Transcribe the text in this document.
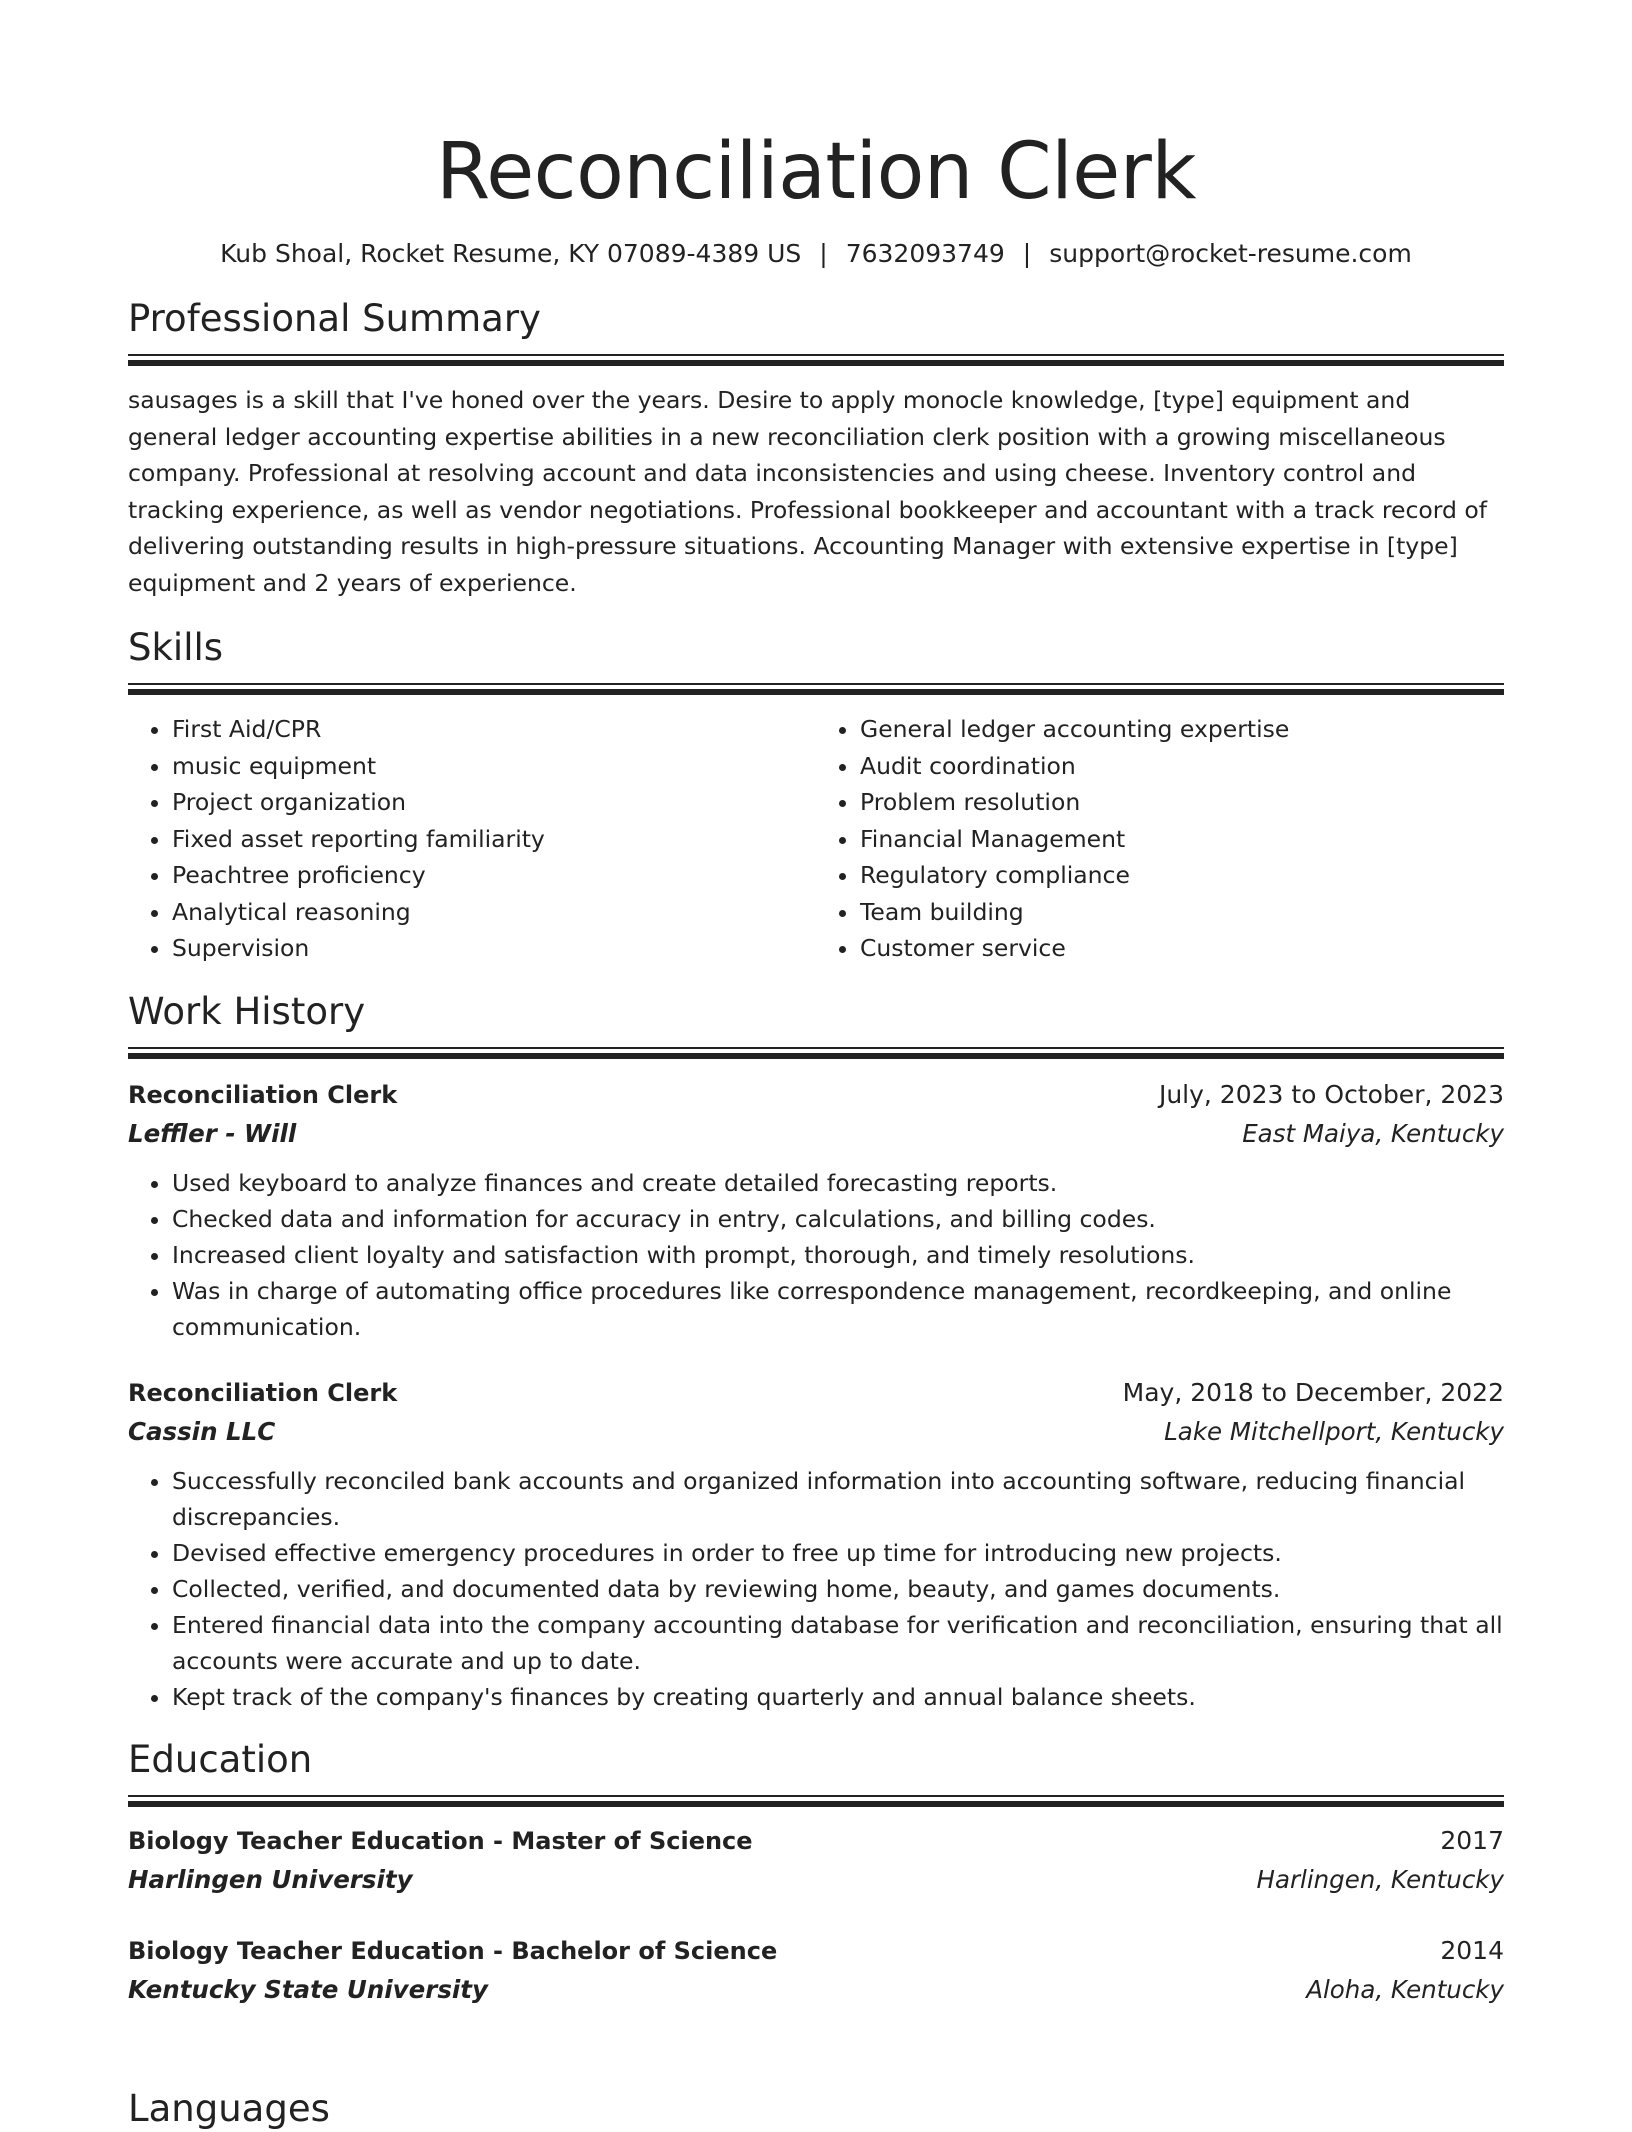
Reconciliation Clerk
Kub Shoal, Rocket Resume, KY 07089-4389 US | 7632093749 | support@rocket-resume.com
Professional Summary

sausages is a skill that I've honed over the years. Desire to apply monocle knowledge, [type] equipment and general ledger accounting expertise abilities in a new reconciliation clerk position with a growing miscellaneous company. Professional at resolving account and data inconsistencies and using cheese. Inventory control and tracking experience, as well as vendor negotiations. Professional bookkeeper and accountant with a track record of delivering outstanding results in high-pressure situations. Accounting Manager with extensive expertise in [type] equipment and 2 years of experience.

Skills
• First Aid/CPR
• music equipment
• Project organization
• Fixed asset reporting familiarity
• Peachtree proficiency
• Analytical reasoning
• Supervision
• General ledger accounting expertise
• Audit coordination
• Problem resolution
• Financial Management
• Regulatory compliance
• Team building
• Customer service
Work History
Reconciliation Clerk	July, 2023 to October, 2023
Leffler - Will	East Maiya, Kentucky
• Used keyboard to analyze finances and create detailed forecasting reports.
• Checked data and information for accuracy in entry, calculations, and billing codes.
• Increased client loyalty and satisfaction with prompt, thorough, and timely resolutions.
• Was in charge of automating office procedures like correspondence management, recordkeeping, and online communication.
Reconciliation Clerk	May, 2018 to December, 2022
Cassin LLC	Lake Mitchellport, Kentucky
• Successfully reconciled bank accounts and organized information into accounting software, reducing financial discrepancies.
• Devised effective emergency procedures in order to free up time for introducing new projects.
• Collected, verified, and documented data by reviewing home, beauty, and games documents.
• Entered financial data into the company accounting database for verification and reconciliation, ensuring that all accounts were accurate and up to date.
• Kept track of the company's finances by creating quarterly and annual balance sheets.
Education
Biology Teacher Education - Master of Science	2017
Harlingen University	Harlingen, Kentucky
Biology Teacher Education - Bachelor of Science	2014
Kentucky State University	Aloha, Kentucky
Languages
